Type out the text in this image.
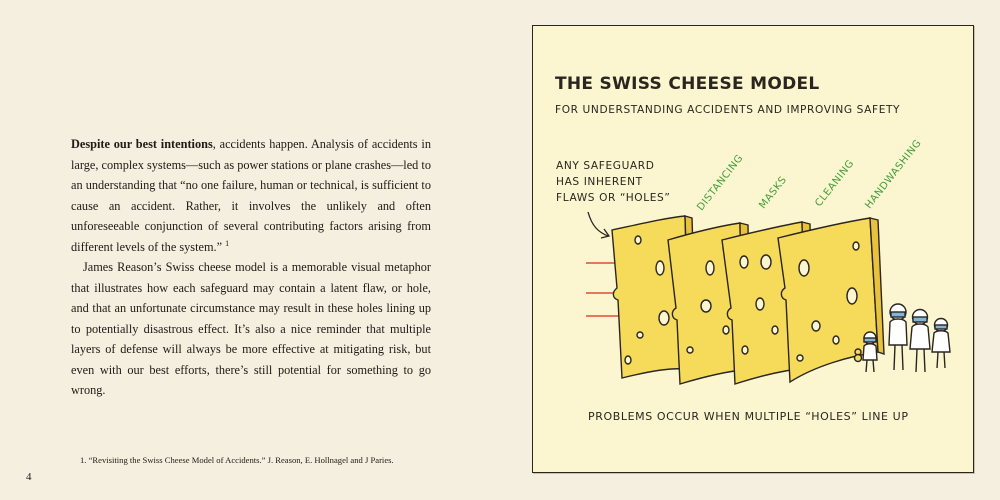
Despite our best intentions, accidents happen. Analysis of accidents in large, complex systems—such as power stations or plane crashes—led to an understanding that “no one failure, human or technical, is sufficient to cause an accident. Rather, it involves the unlikely and often unforeseeable conjunction of several contributing factors arising from different levels of the system.” $^1$

James Reason’s Swiss cheese model is a memorable visual metaphor that illustrates how each safeguard may contain a latent flaw, or hole, and that an unfortunate circumstance may result in these holes lining up to potentially disastrous effect. It’s also a nice reminder that multiple layers of defense will always be more effective at mitigating risk, but even with our best efforts, there’s still potential for something to go wrong.

1. “Revisiting the Swiss Cheese Model of Accidents.” J. Reason, E. Hollnagel and J Paries.
4
THE SWISS CHEESE MODEL
FOR UNDERSTANDING ACCIDENTS AND IMPROVING SAFETY
ANY SAFEGUARD
HAS INHERENT
FLAWS OR “HOLES” DISTANCING MASKS CLEANING HANDWASHING
PROBLEMS OCCUR WHEN MULTIPLE “HOLES” LINE UP
